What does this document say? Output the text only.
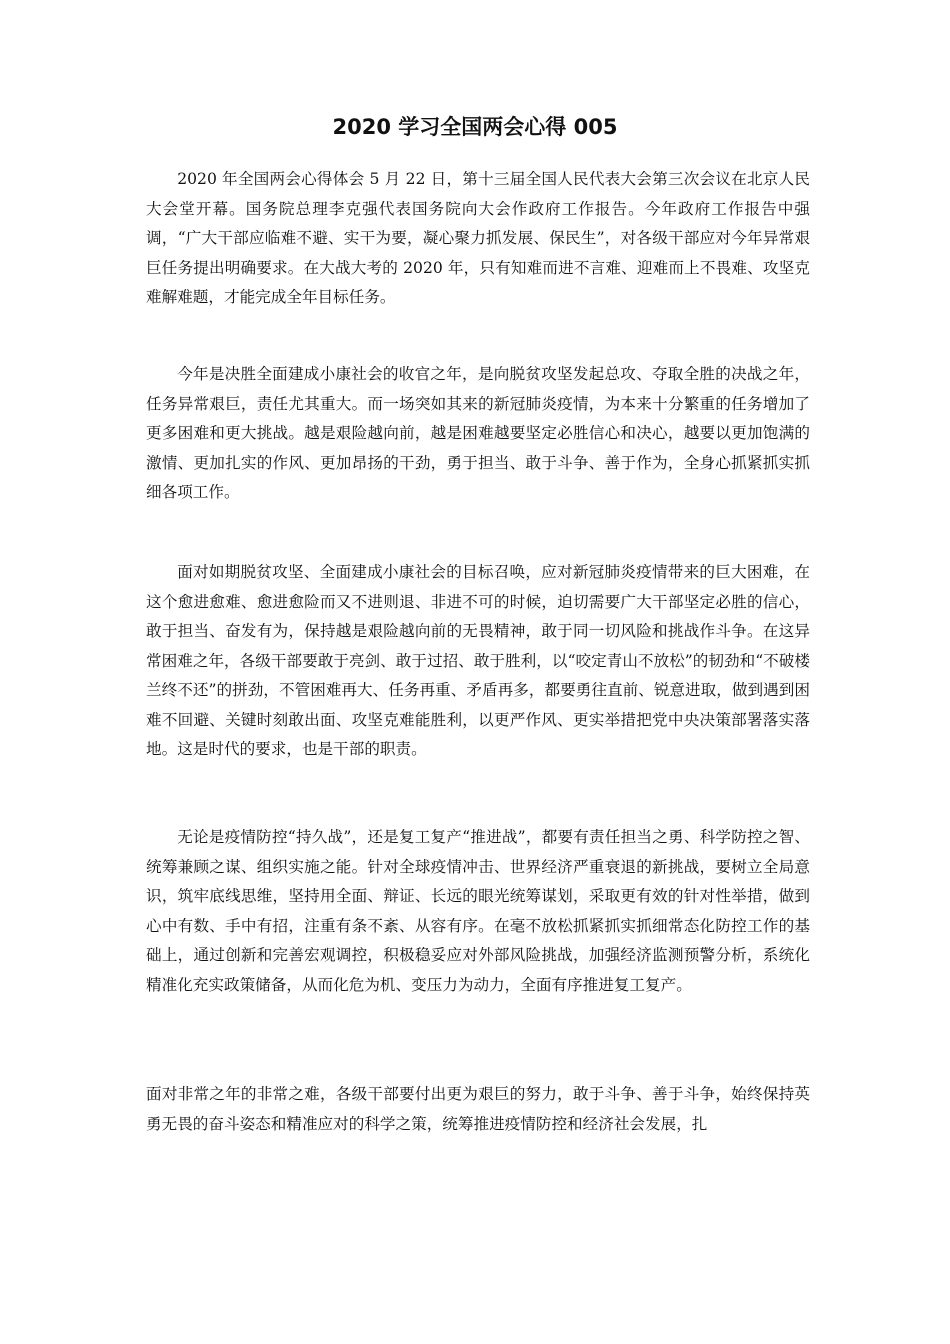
2020 学习全国两会心得 005

2020 年全国两会心得体会 5 月 22 日，第十三届全国人民代表大会第三次会议在北京人民大会堂开幕。国务院总理李克强代表国务院向大会作政府工作报告。今年政府工作报告中强调，“广大干部应临难不避、实干为要，凝心聚力抓发展、保民生”，对各级干部应对今年异常艰巨任务提出明确要求。在大战大考的 2020 年，只有知难而进不言难、迎难而上不畏难、攻坚克难解难题，才能完成全年目标任务。

今年是决胜全面建成小康社会的收官之年，是向脱贫攻坚发起总攻、夺取全胜的决战之年，任务异常艰巨，责任尤其重大。而一场突如其来的新冠肺炎疫情，为本来十分繁重的任务增加了更多困难和更大挑战。越是艰险越向前，越是困难越要坚定必胜信心和决心，越要以更加饱满的激情、更加扎实的作风、更加昂扬的干劲，勇于担当、敢于斗争、善于作为，全身心抓紧抓实抓细各项工作。

面对如期脱贫攻坚、全面建成小康社会的目标召唤，应对新冠肺炎疫情带来的巨大困难，在这个愈进愈难、愈进愈险而又不进则退、非进不可的时候，迫切需要广大干部坚定必胜的信心，敢于担当、奋发有为，保持越是艰险越向前的无畏精神，敢于同一切风险和挑战作斗争。在这异常困难之年，各级干部要敢于亮剑、敢于过招、敢于胜利，以“咬定青山不放松”的韧劲和“不破楼兰终不还”的拼劲，不管困难再大、任务再重、矛盾再多，都要勇往直前、锐意进取，做到遇到困难不回避、关键时刻敢出面、攻坚克难能胜利，以更严作风、更实举措把党中央决策部署落实落地。这是时代的要求，也是干部的职责。

无论是疫情防控“持久战”，还是复工复产“推进战”，都要有责任担当之勇、科学防控之智、统筹兼顾之谋、组织实施之能。针对全球疫情冲击、世界经济严重衰退的新挑战，要树立全局意识，筑牢底线思维，坚持用全面、辩证、长远的眼光统筹谋划，采取更有效的针对性举措，做到心中有数、手中有招，注重有条不紊、从容有序。在毫不放松抓紧抓实抓细常态化防控工作的基础上，通过创新和完善宏观调控，积极稳妥应对外部风险挑战，加强经济监测预警分析，系统化精准化充实政策储备，从而化危为机、变压力为动力，全面有序推进复工复产。

面对非常之年的非常之难，各级干部要付出更为艰巨的努力，敢于斗争、善于斗争，始终保持英勇无畏的奋斗姿态和精准应对的科学之策，统筹推进疫情防控和经济社会发展，扎
